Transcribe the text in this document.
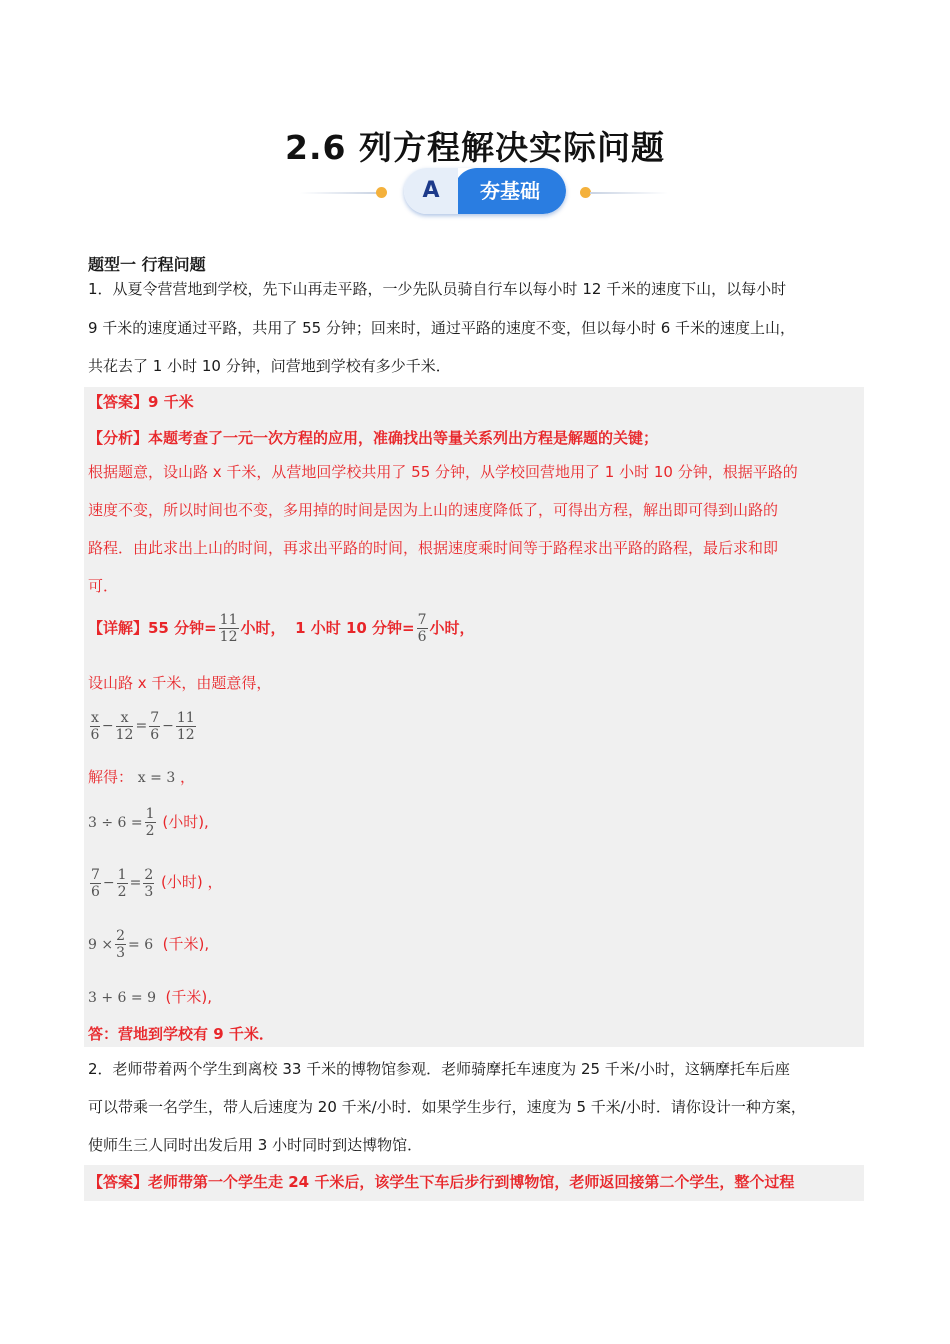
2.6 列方程解决实际问题
夯基础
A
题型一 行程问题
1．从夏令营营地到学校，先下山再走平路，一少先队员骑自行车以每小时 12 千米的速度下山，以每小时
9 千米的速度通过平路，共用了 55 分钟；回来时，通过平路的速度不变，但以每小时 6 千米的速度上山，
共花去了 1 小时 10 分钟，问营地到学校有多少千米．
【答案】9 千米
【分析】本题考查了一元一次方程的应用，准确找出等量关系列出方程是解题的关键；
根据题意，设山路 x 千米，从营地回学校共用了 55 分钟，从学校回营地用了 1 小时 10 分钟，根据平路的
速度不变，所以时间也不变，多用掉的时间是因为上山的速度降低了，可得出方程，解出即可得到山路的
路程．由此求出上山的时间，再求出平路的时间，根据速度乘时间等于路程求出平路的路程，最后求和即
可．
【详解】55 分钟= $\frac{11}{12}$ 小时， 1 小时 10 分钟= $\frac{7}{6}$ 小时，
设山路 x 千米，由题意得，
$\frac{x}{6} - \frac{x}{12} = \frac{7}{6} - \frac{11}{12}$
解得： x = 3 ，
$3 \div 6 = \frac{1}{2}$ (小时),
$\frac{7}{6} - \frac{1}{2} = \frac{2}{3}$ (小时) ，
$9 \times \frac{2}{3} = 6$ (千米),
3 + 6 = 9 (千米),
答：营地到学校有 9 千米．
2．老师带着两个学生到离校 33 千米的博物馆参观．老师骑摩托车速度为 25 千米/小时，这辆摩托车后座
可以带乘一名学生，带人后速度为 20 千米/小时．如果学生步行，速度为 5 千米/小时．请你设计一种方案，
使师生三人同时出发后用 3 小时同时到达博物馆．
【答案】老师带第一个学生走 24 千米后，该学生下车后步行到博物馆，老师返回接第二个学生，整个过程
